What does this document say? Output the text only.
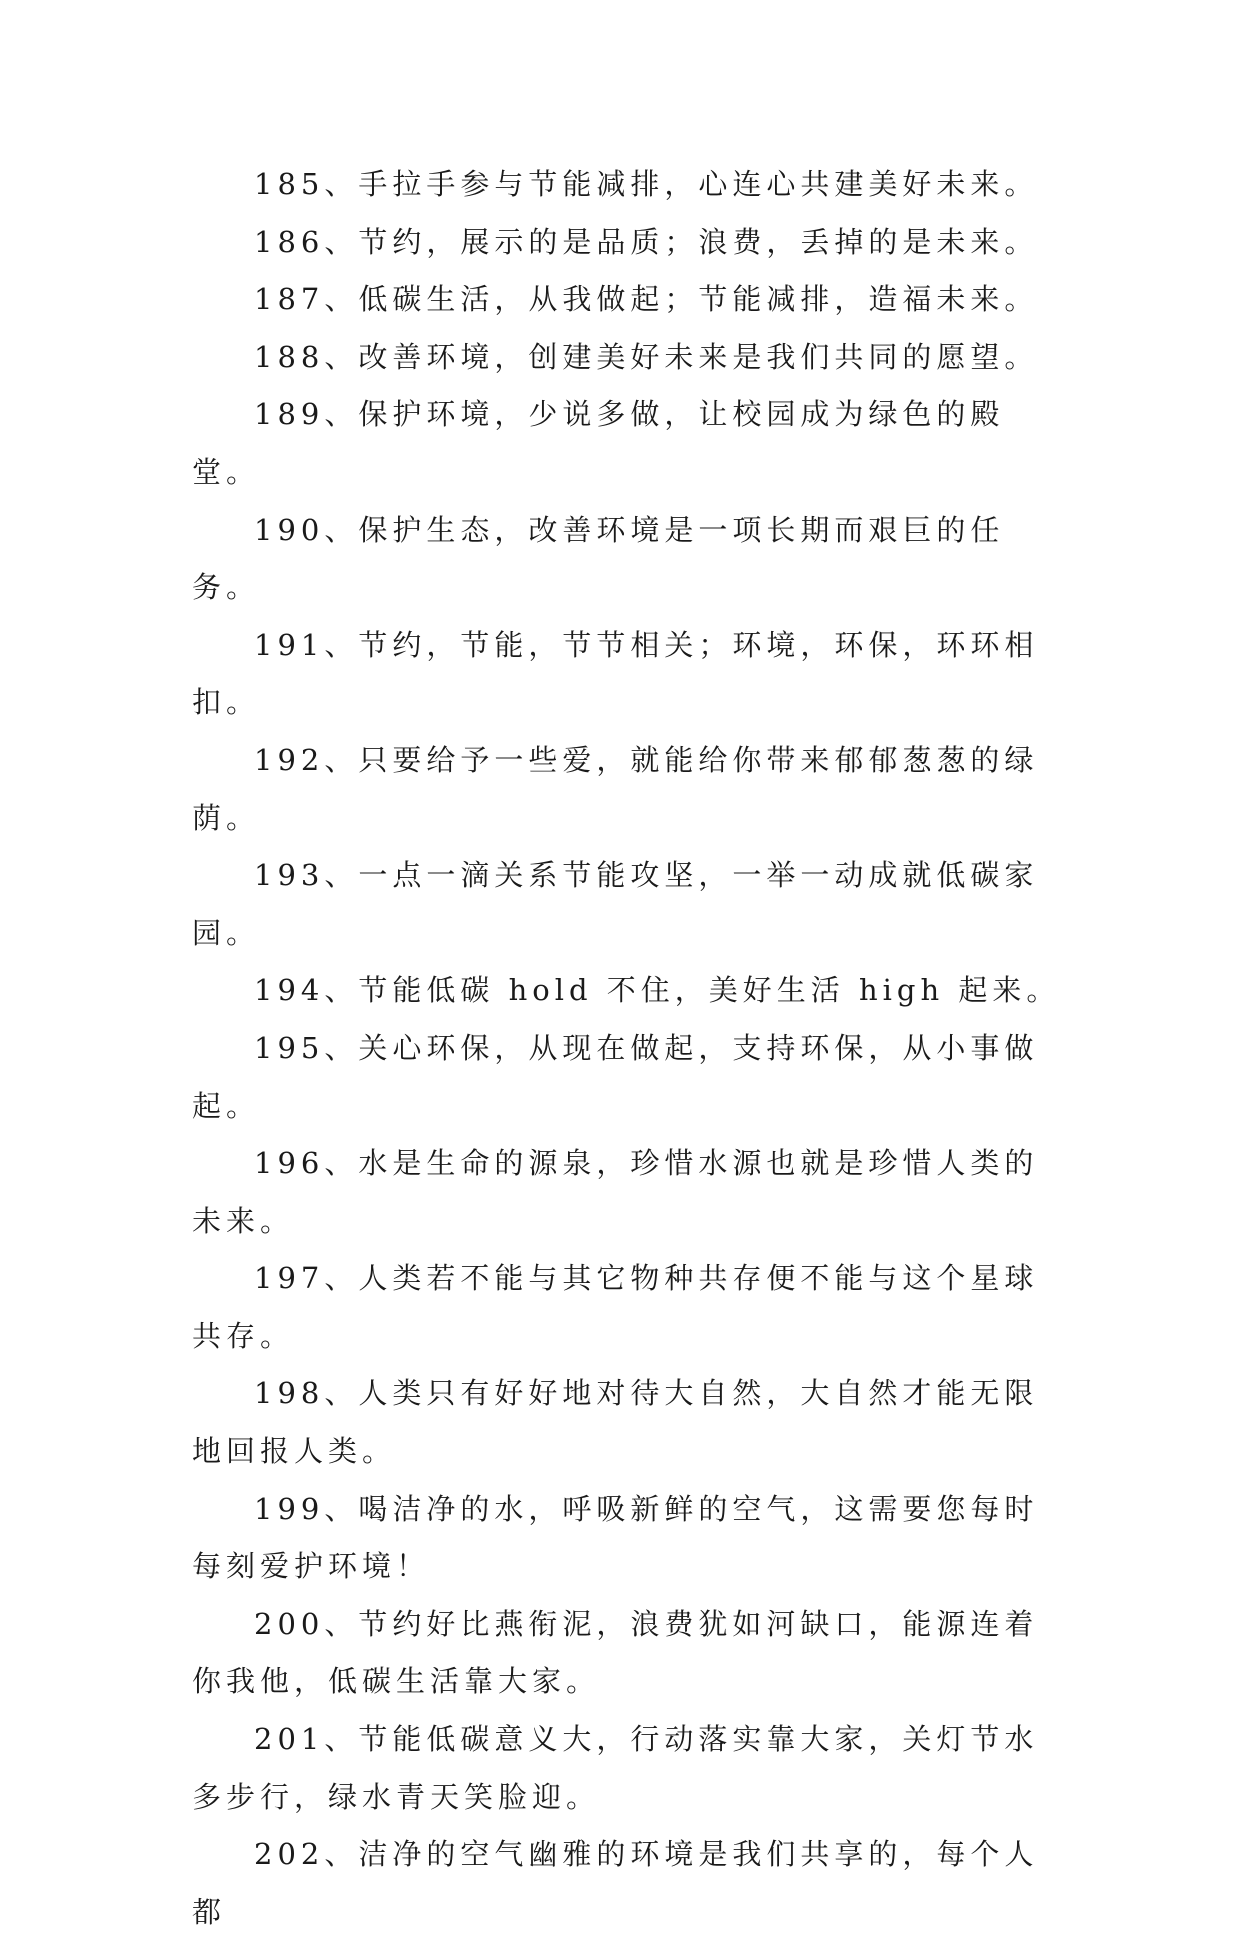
185、手拉手参与节能减排，心连心共建美好未来。

186、节约，展示的是品质；浪费，丢掉的是未来。

187、低碳生活，从我做起；节能减排，造福未来。

188、改善环境，创建美好未来是我们共同的愿望。

189、保护环境，少说多做，让校园成为绿色的殿堂。

190、保护生态，改善环境是一项长期而艰巨的任务。

191、节约，节能，节节相关；环境，环保，环环相扣。

192、只要给予一些爱，就能给你带来郁郁葱葱的绿荫。

193、一点一滴关系节能攻坚，一举一动成就低碳家园。

194、节能低碳 hold 不住，美好生活 high 起来。

195、关心环保，从现在做起，支持环保，从小事做起。

196、水是生命的源泉，珍惜水源也就是珍惜人类的未来。

197、人类若不能与其它物种共存便不能与这个星球共存。

198、人类只有好好地对待大自然，大自然才能无限地回报人类。

199、喝洁净的水，呼吸新鲜的空气，这需要您每时每刻爱护环境！

200、节约好比燕衔泥，浪费犹如河缺口，能源连着你我他，低碳生活靠大家。

201、节能低碳意义大，行动落实靠大家，关灯节水多步行，绿水青天笑脸迎。

202、洁净的空气幽雅的环境是我们共享的，每个人都
